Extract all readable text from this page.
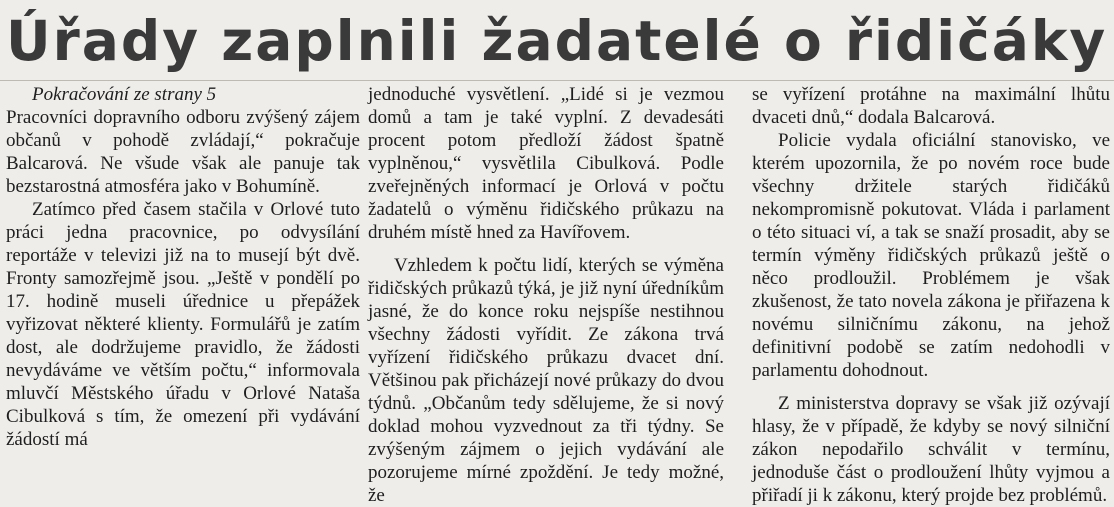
Úřady zaplnili žadatelé o řidičáky

Pokračování ze strany 5

Pracovníci dopravního odboru zvýšený zájem občanů v pohodě zvládají,“ pokračuje Balcarová. Ne všude však ale panuje tak bezstarostná atmosféra jako v Bohumíně.

Zatímco před časem stačila v Orlové tuto práci jedna pracovnice, po odvysílání reportáže v televizi již na to musejí být dvě. Fronty samozřejmě jsou. „Ještě v pondělí po 17. hodině museli úřednice u přepážek vyřizovat některé klienty. Formulářů je zatím dost, ale dodržujeme pravidlo, že žádosti nevydáváme ve větším počtu,“ informovala mluvčí Městského úřadu v Orlové Nataša Cibulková s tím, že omezení při vydávání žádostí má

jednoduché vysvětlení. „Lidé si je vezmou domů a tam je také vyplní. Z devadesáti procent potom předloží žádost špatně vyplněnou,“ vysvětlila Cibulková. Podle zveřejněných informací je Orlová v počtu žadatelů o výměnu řidičského průkazu na druhém místě hned za Havířovem.

Vzhledem k počtu lidí, kterých se výměna řidičských průkazů týká, je již nyní úředníkům jasné, že do konce roku nejspíše nestihnou všechny žádosti vyřídit. Ze zákona trvá vyřízení řidičského průkazu dvacet dní. Většinou pak přicházejí nové průkazy do dvou týdnů. „Občanům tedy sdělujeme, že si nový doklad mohou vyzvednout za tři týdny. Se zvýšeným zájmem o jejich vydávání ale pozorujeme mírné zpoždění. Je tedy možné, že

se vyřízení protáhne na maximální lhůtu dvaceti dnů,“ dodala Balcarová.

Policie vydala oficiální stanovisko, ve kterém upozornila, že po novém roce bude všechny držitele starých řidičáků nekompromisně pokutovat. Vláda i parlament o této situaci ví, a tak se snaží prosadit, aby se termín výměny řidičských průkazů ještě o něco prodloužil. Problémem je však zkušenost, že tato novela zákona je přiřazena k novému silničnímu zákonu, na jehož definitivní podobě se zatím nedohodli v parlamentu dohodnout.

Z ministerstva dopravy se však již ozývají hlasy, že v případě, že kdyby se nový silniční zákon nepodařilo schválit v termínu, jednoduše část o prodloužení lhůty vyjmou a přiřadí ji k zákonu, který projde bez problémů.
